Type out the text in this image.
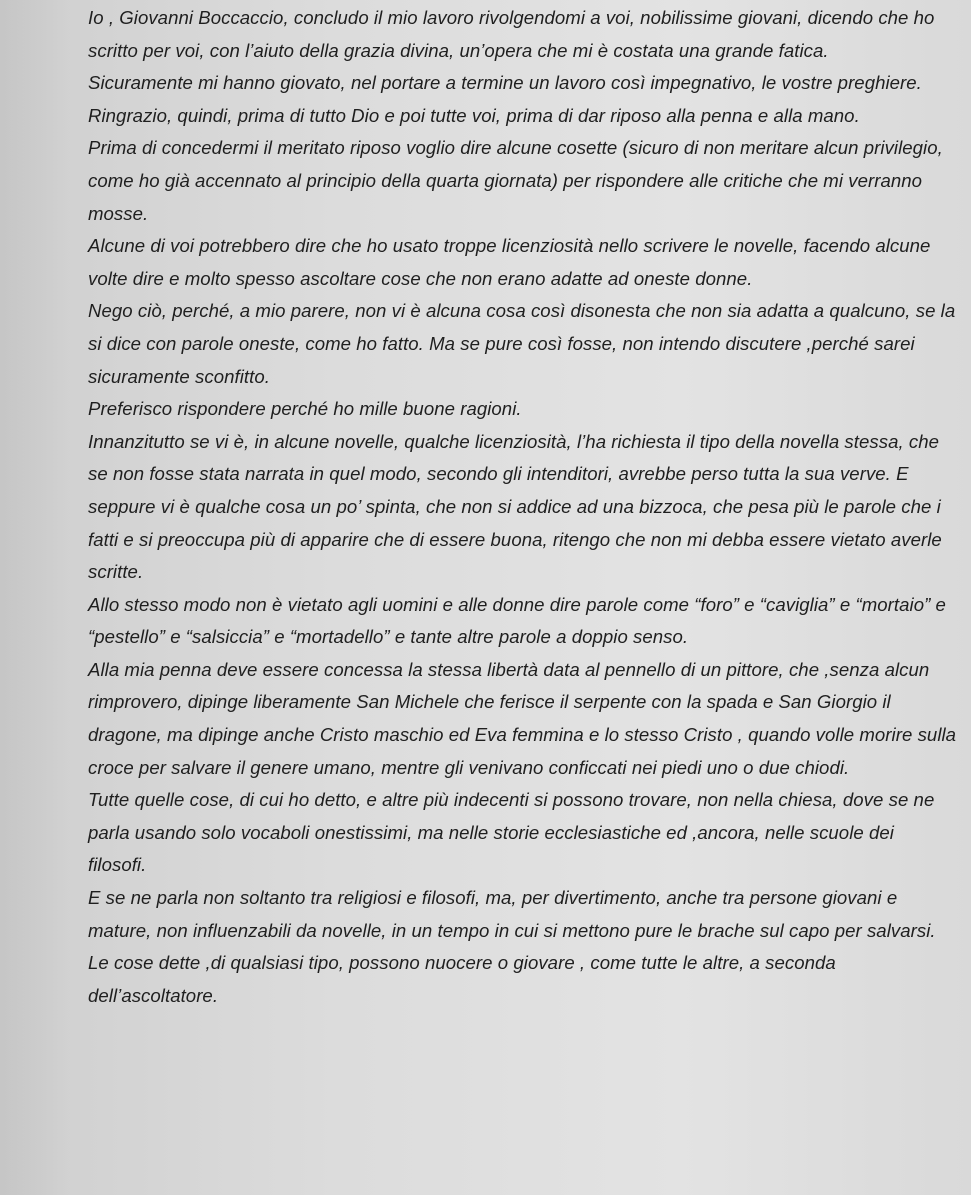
Io , Giovanni Boccaccio, concludo il mio lavoro rivolgendomi a voi, nobilissime giovani, dicendo che ho scritto per voi, con l’aiuto della grazia divina, un’opera che mi è costata una grande fatica.

Sicuramente mi hanno giovato, nel portare a termine un lavoro così impegnativo, le vostre preghiere.

Ringrazio, quindi, prima di tutto Dio e poi tutte voi, prima di dar riposo alla penna e alla mano.

Prima di concedermi il meritato riposo voglio dire alcune cosette (sicuro di non meritare alcun privilegio, come ho già accennato al principio della quarta giornata) per rispondere alle critiche che mi verranno mosse.

Alcune di voi potrebbero dire che ho usato troppe licenziosità nello scrivere le novelle, facendo alcune volte dire e molto spesso ascoltare cose che non erano adatte ad oneste donne.

Nego ciò, perché, a mio parere, non vi è alcuna cosa così disonesta che non sia adatta a qualcuno, se la si dice con parole oneste, come ho fatto. Ma se pure così fosse, non intendo discutere ,perché sarei sicuramente sconfitto.

Preferisco rispondere perché ho mille buone ragioni.

Innanzitutto se vi è, in alcune novelle, qualche licenziosità, l’ha richiesta il tipo della novella stessa, che se non fosse stata narrata in quel modo, secondo gli intenditori, avrebbe perso tutta la sua verve. E seppure vi è qualche cosa un po’ spinta, che non si addice ad una bizzoca, che pesa più le parole che i fatti e si preoccupa più di apparire che di essere buona, ritengo che non mi debba essere vietato averle scritte.

Allo stesso modo non è vietato agli uomini e alle donne dire parole come “foro” e “caviglia” e “mortaio” e “pestello” e “salsiccia” e “mortadello” e tante altre parole a doppio senso.

Alla mia penna deve essere concessa la stessa libertà data al pennello di un pittore, che ,senza alcun rimprovero, dipinge liberamente San Michele che ferisce il serpente con la spada e San Giorgio il dragone, ma dipinge anche Cristo maschio ed Eva femmina e lo stesso Cristo , quando volle morire sulla croce per salvare il genere umano, mentre gli venivano conficcati nei piedi uno o due chiodi.

Tutte quelle cose, di cui ho detto, e altre più indecenti si possono trovare, non nella chiesa, dove se ne parla usando solo vocaboli onestissimi, ma nelle storie ecclesiastiche ed ,ancora, nelle scuole dei filosofi.

E se ne parla non soltanto tra religiosi e filosofi, ma, per divertimento, anche tra persone giovani e mature, non influenzabili da novelle, in un tempo in cui si mettono pure le brache sul capo per salvarsi.

Le cose dette ,di qualsiasi tipo, possono nuocere o giovare , come tutte le altre, a seconda dell’ascoltatore.
